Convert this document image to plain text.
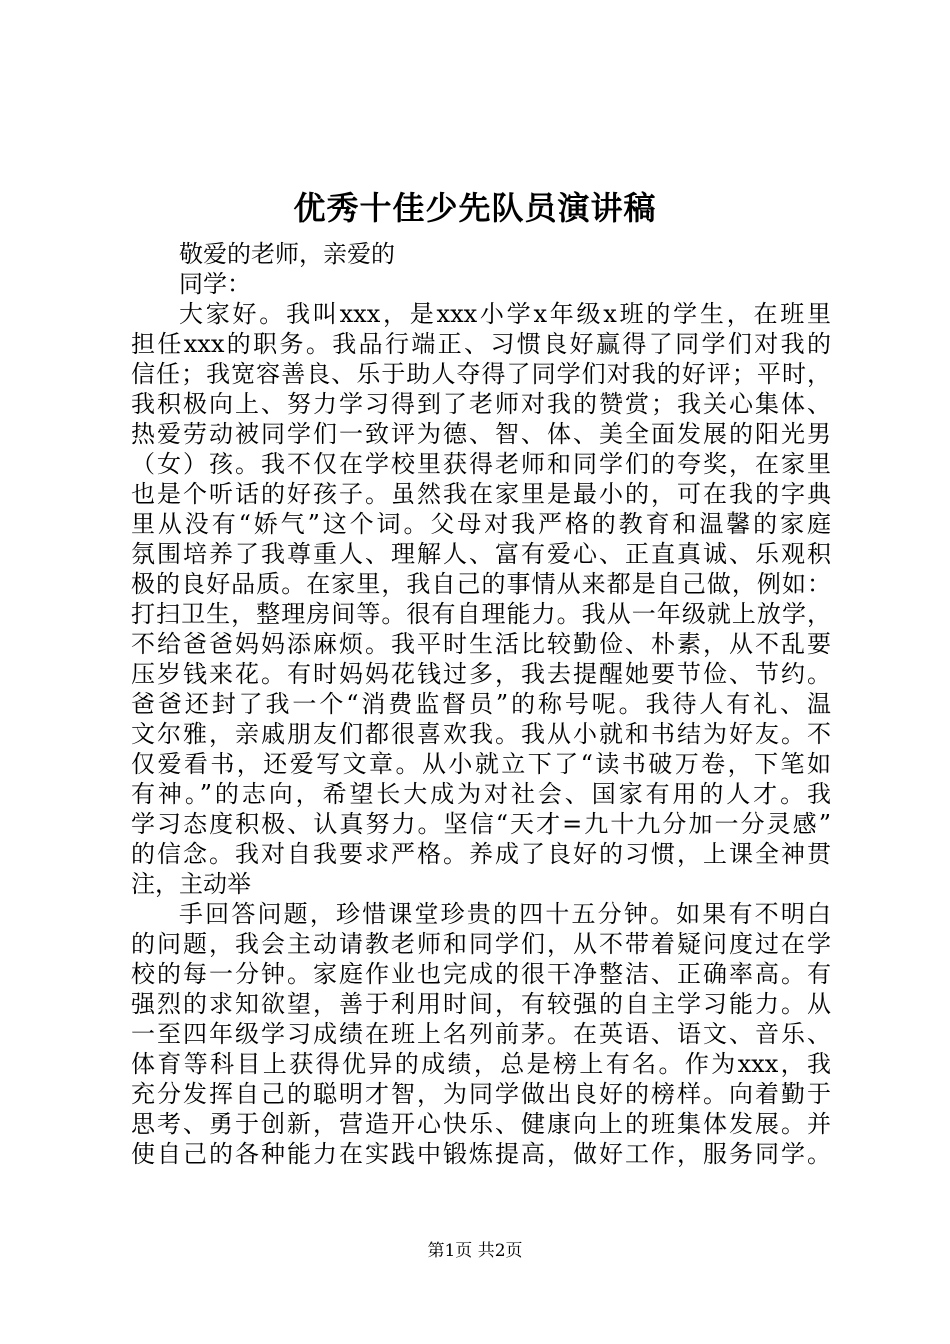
优秀十佳少先队员演讲稿
敬爱的老师，亲爱的
同学：
大家好。我叫xxx，是xxx小学x年级x班的学生，在班里
担任xxx的职务。我品行端正、习惯良好赢得了同学们对我的
信任；我宽容善良、乐于助人夺得了同学们对我的好评；平时，
我积极向上、努力学习得到了老师对我的赞赏；我关心集体、
热爱劳动被同学们一致评为德、智、体、美全面发展的阳光男
（女）孩。我不仅在学校里获得老师和同学们的夸奖，在家里
也是个听话的好孩子。虽然我在家里是最小的，可在我的字典
里从没有“娇气”这个词。父母对我严格的教育和温馨的家庭
氛围培养了我尊重人、理解人、富有爱心、正直真诚、乐观积
极的良好品质。在家里，我自己的事情从来都是自己做，例如：
打扫卫生，整理房间等。很有自理能力。我从一年级就上放学，
不给爸爸妈妈添麻烦。我平时生活比较勤俭、朴素，从不乱要
压岁钱来花。有时妈妈花钱过多，我去提醒她要节俭、节约。
爸爸还封了我一个“消费监督员”的称号呢。我待人有礼、温
文尔雅，亲戚朋友们都很喜欢我。我从小就和书结为好友。不
仅爱看书，还爱写文章。从小就立下了“读书破万卷，下笔如
有神。”的志向，希望长大成为对社会、国家有用的人才。我
学习态度积极、认真努力。坚信“天才=九十九分加一分灵感”
的信念。我对自我要求严格。养成了良好的习惯，上课全神贯
注，主动举
手回答问题，珍惜课堂珍贵的四十五分钟。如果有不明白
的问题，我会主动请教老师和同学们，从不带着疑问度过在学
校的每一分钟。家庭作业也完成的很干净整洁、正确率高。有
强烈的求知欲望，善于利用时间，有较强的自主学习能力。从
一至四年级学习成绩在班上名列前茅。在英语、语文、音乐、
体育等科目上获得优异的成绩，总是榜上有名。作为xxx，我
充分发挥自己的聪明才智，为同学做出良好的榜样。向着勤于
思考、勇于创新，营造开心快乐、健康向上的班集体发展。并
使自己的各种能力在实践中锻炼提高，做好工作，服务同学。
第1页 共2页
